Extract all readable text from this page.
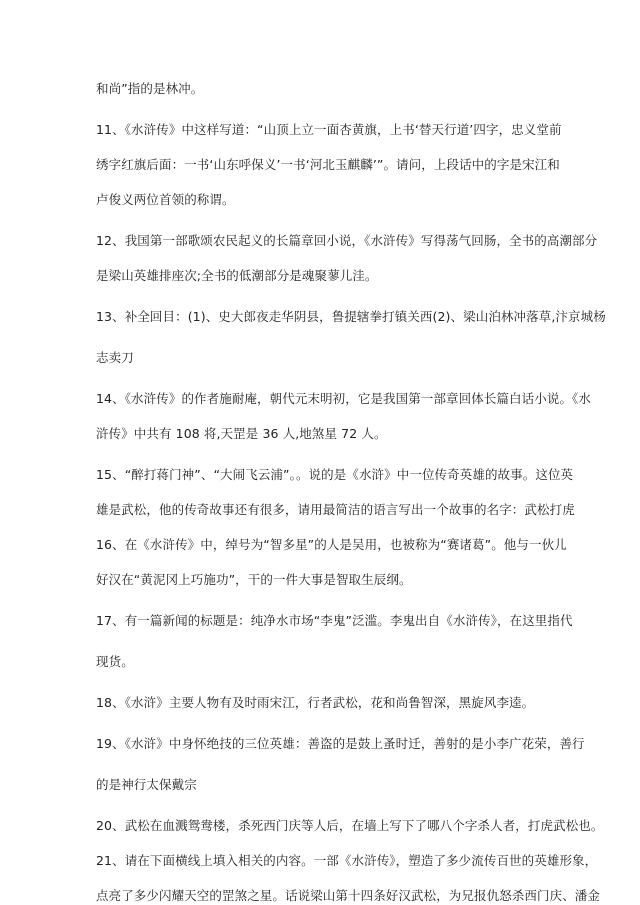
和尚”指的是林冲。
11、《水浒传》中这样写道：“山顶上立一面杏黄旗，上书‘替天行道’四字，忠义堂前
绣字红旗后面：一书‘山东呼保义’一书‘河北玉麒麟’”。请问，上段话中的字是宋江和
卢俊义两位首领的称谓。
12、我国第一部歌颂农民起义的长篇章回小说，《水浒传》写得荡气回肠，全书的高潮部分
是梁山英雄排座次;全书的低潮部分是魂聚蓼儿洼。
13、补全回目：(1)、史大郎夜走华阴县，鲁提辖拳打镇关西(2)、梁山泊林冲落草,汴京城杨
志卖刀
14、《水浒传》的作者施耐庵，朝代元末明初，它是我国第一部章回体长篇白话小说。《水
浒传》中共有 108 将,天罡是 36 人,地煞星 72 人。
15、“醉打蒋门神”、“大闹飞云浦”。。说的是《水浒》中一位传奇英雄的故事。这位英
雄是武松，他的传奇故事还有很多，请用最简洁的语言写出一个故事的名字：武松打虎
16、在《水浒传》中，绰号为“智多星”的人是吴用，也被称为“赛诸葛”。他与一伙儿
好汉在“黄泥冈上巧施功”，干的一件大事是智取生辰纲。
17、有一篇新闻的标题是：纯净水市场“李鬼”泛滥。李鬼出自《水浒传》，在这里指代
现货。
18、《水浒》主要人物有及时雨宋江，行者武松，花和尚鲁智深，黑旋风李逵。
19、《水浒》中身怀绝技的三位英雄：善盗的是鼓上蚤时迁，善射的是小李广花荣，善行
的是神行太保戴宗
20、武松在血溅鸳鸯楼，杀死西门庆等人后，在墙上写下了哪八个字杀人者，打虎武松也。
21、请在下面横线上填入相关的内容。一部《水浒传》，塑造了多少流传百世的英雄形象，
点亮了多少闪耀天空的罡煞之星。话说梁山第十四条好汉武松，为兄报仇怒杀西门庆、潘金
